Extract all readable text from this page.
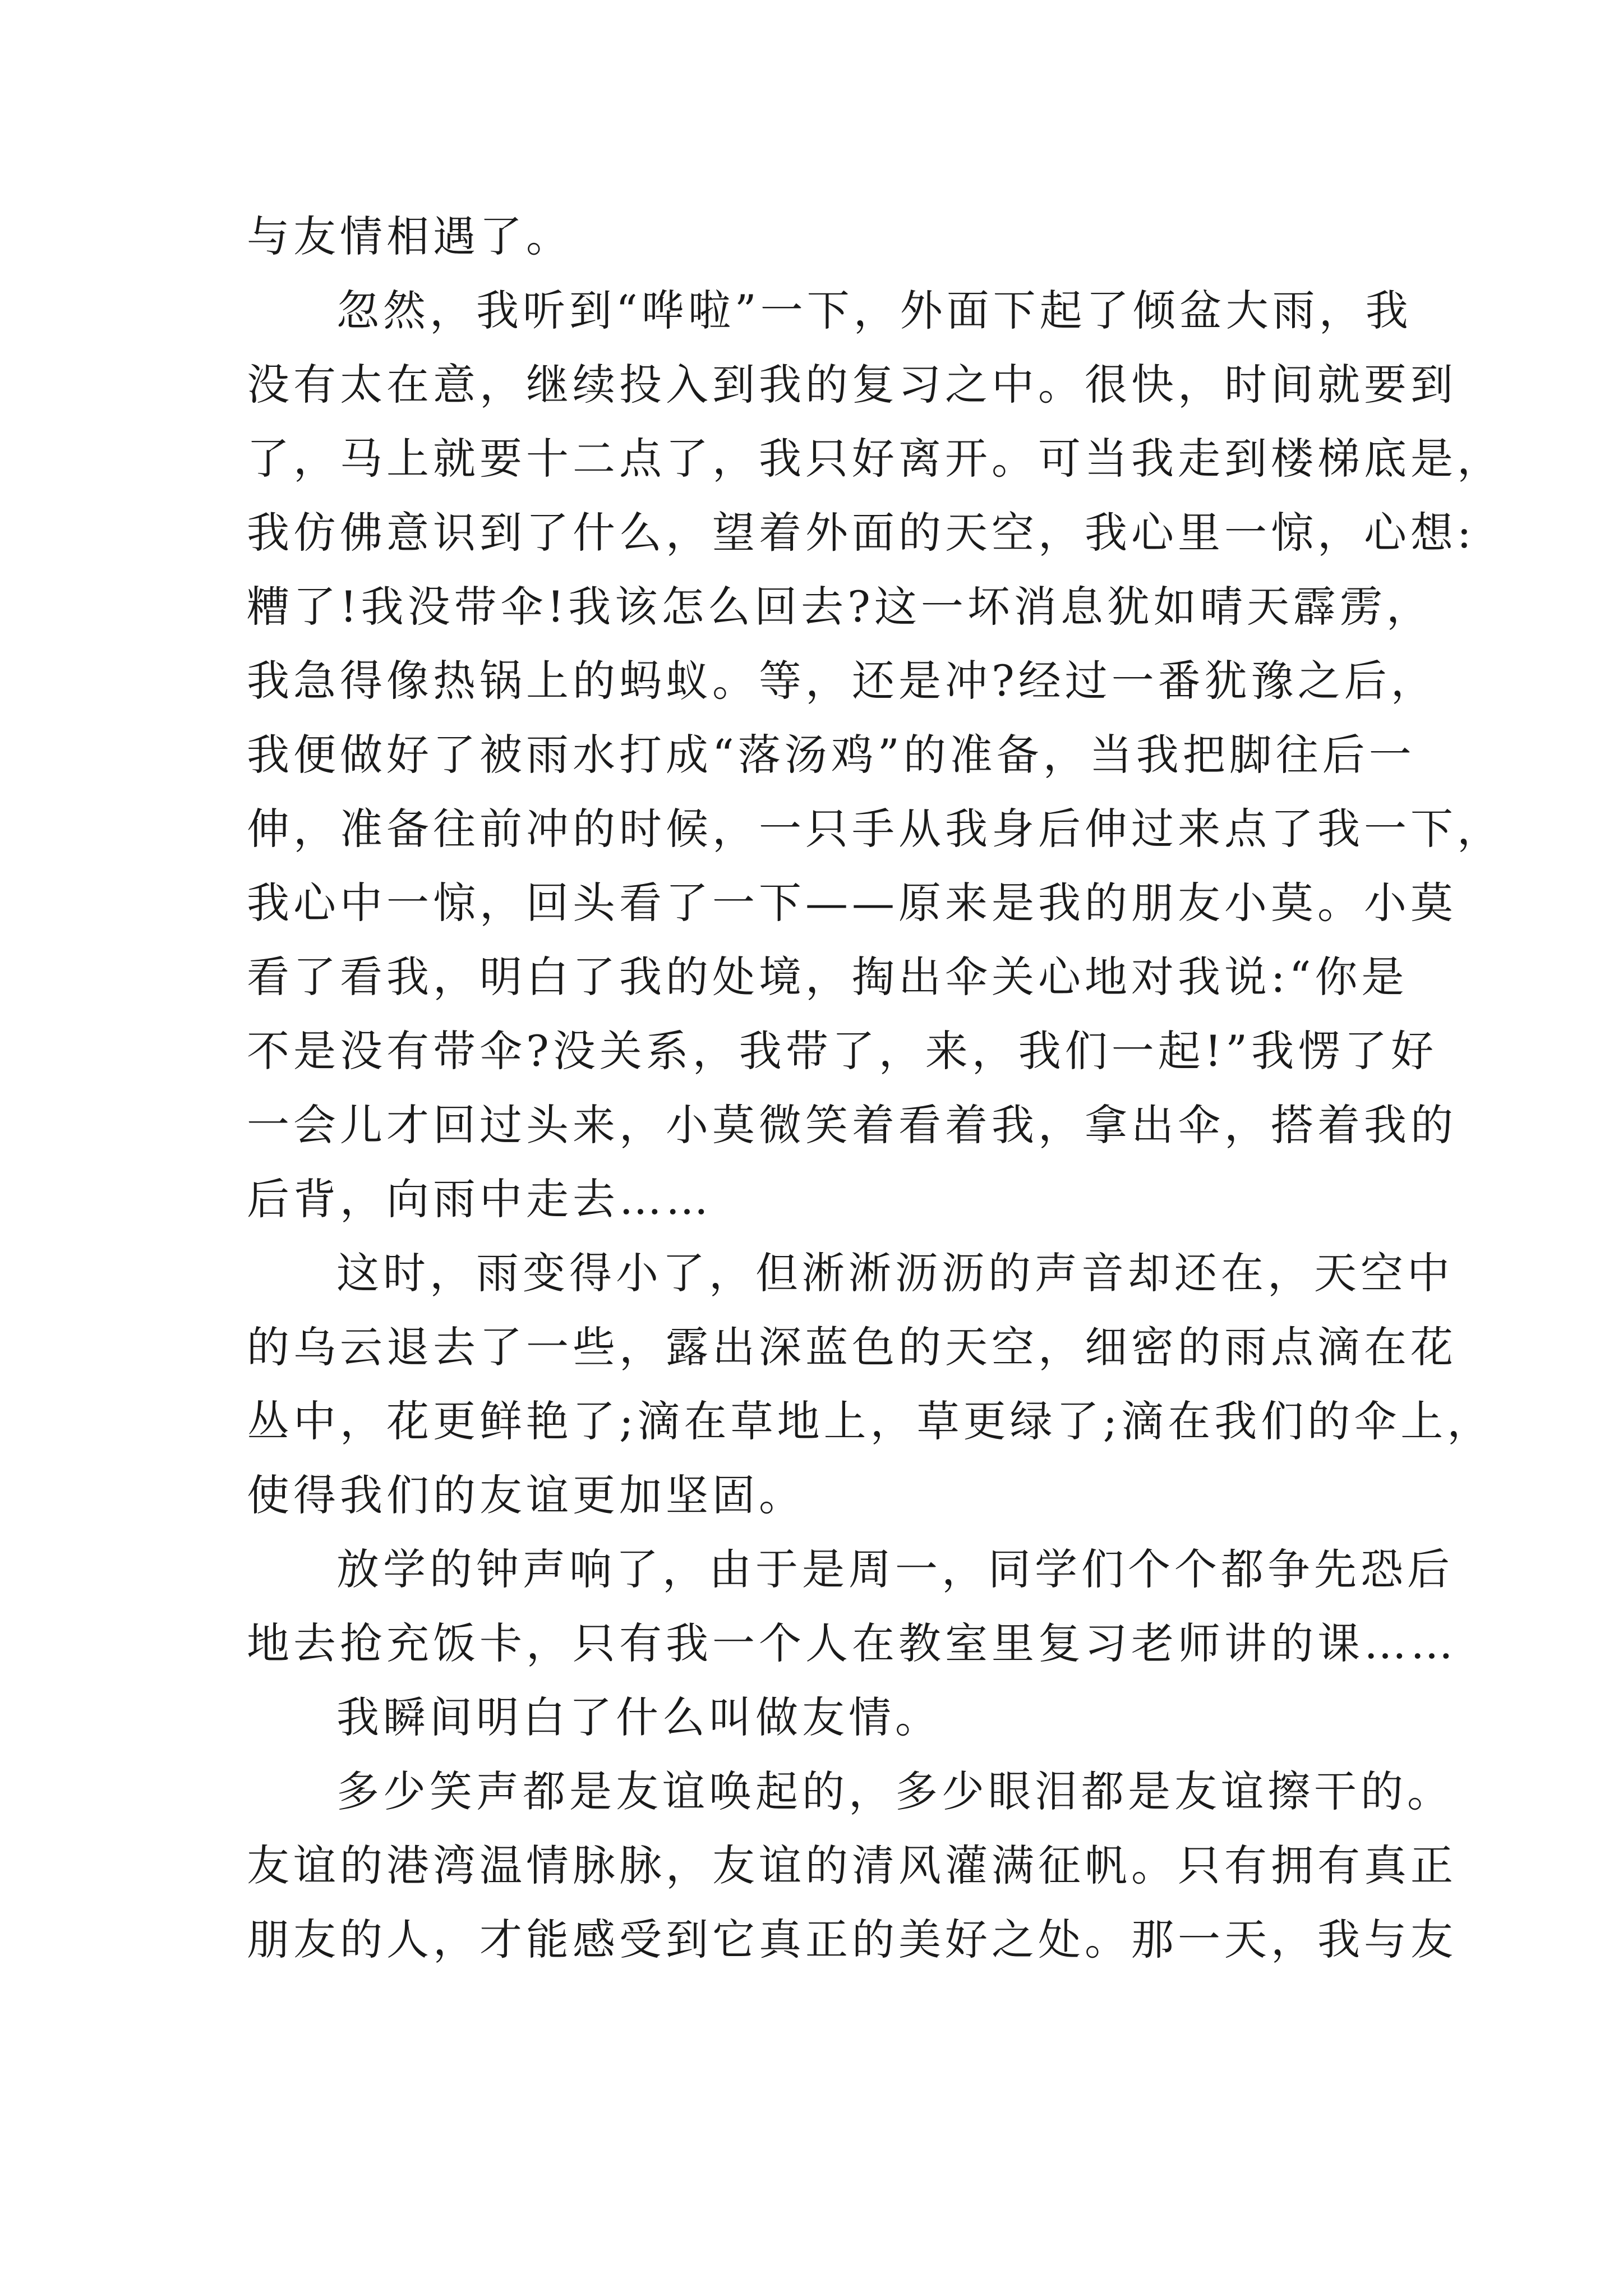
与友情相遇了。
忽然，我听到“哗啦”一下，外面下起了倾盆大雨，我
没有太在意，继续投入到我的复习之中。很快，时间就要到
了，马上就要十二点了，我只好离开。可当我走到楼梯底是，
我仿佛意识到了什么，望着外面的天空，我心里一惊，心想:
糟了!我没带伞!我该怎么回去?这一坏消息犹如晴天霹雳，
我急得像热锅上的蚂蚁。等，还是冲?经过一番犹豫之后，
我便做好了被雨水打成“落汤鸡”的准备，当我把脚往后一
伸，准备往前冲的时候，一只手从我身后伸过来点了我一下，
我心中一惊，回头看了一下——原来是我的朋友小莫。小莫
看了看我，明白了我的处境，掏出伞关心地对我说:“你是
不是没有带伞?没关系，我带了，来，我们一起!”我愣了好
一会儿才回过头来，小莫微笑着看着我，拿出伞，搭着我的
后背，向雨中走去……
这时，雨变得小了，但淅淅沥沥的声音却还在，天空中
的乌云退去了一些，露出深蓝色的天空，细密的雨点滴在花
丛中，花更鲜艳了;滴在草地上，草更绿了;滴在我们的伞上，
使得我们的友谊更加坚固。
放学的钟声响了，由于是周一，同学们个个都争先恐后
地去抢充饭卡，只有我一个人在教室里复习老师讲的课……
我瞬间明白了什么叫做友情。
多少笑声都是友谊唤起的，多少眼泪都是友谊擦干的。
友谊的港湾温情脉脉，友谊的清风灌满征帆。只有拥有真正
朋友的人，才能感受到它真正的美好之处。那一天，我与友
